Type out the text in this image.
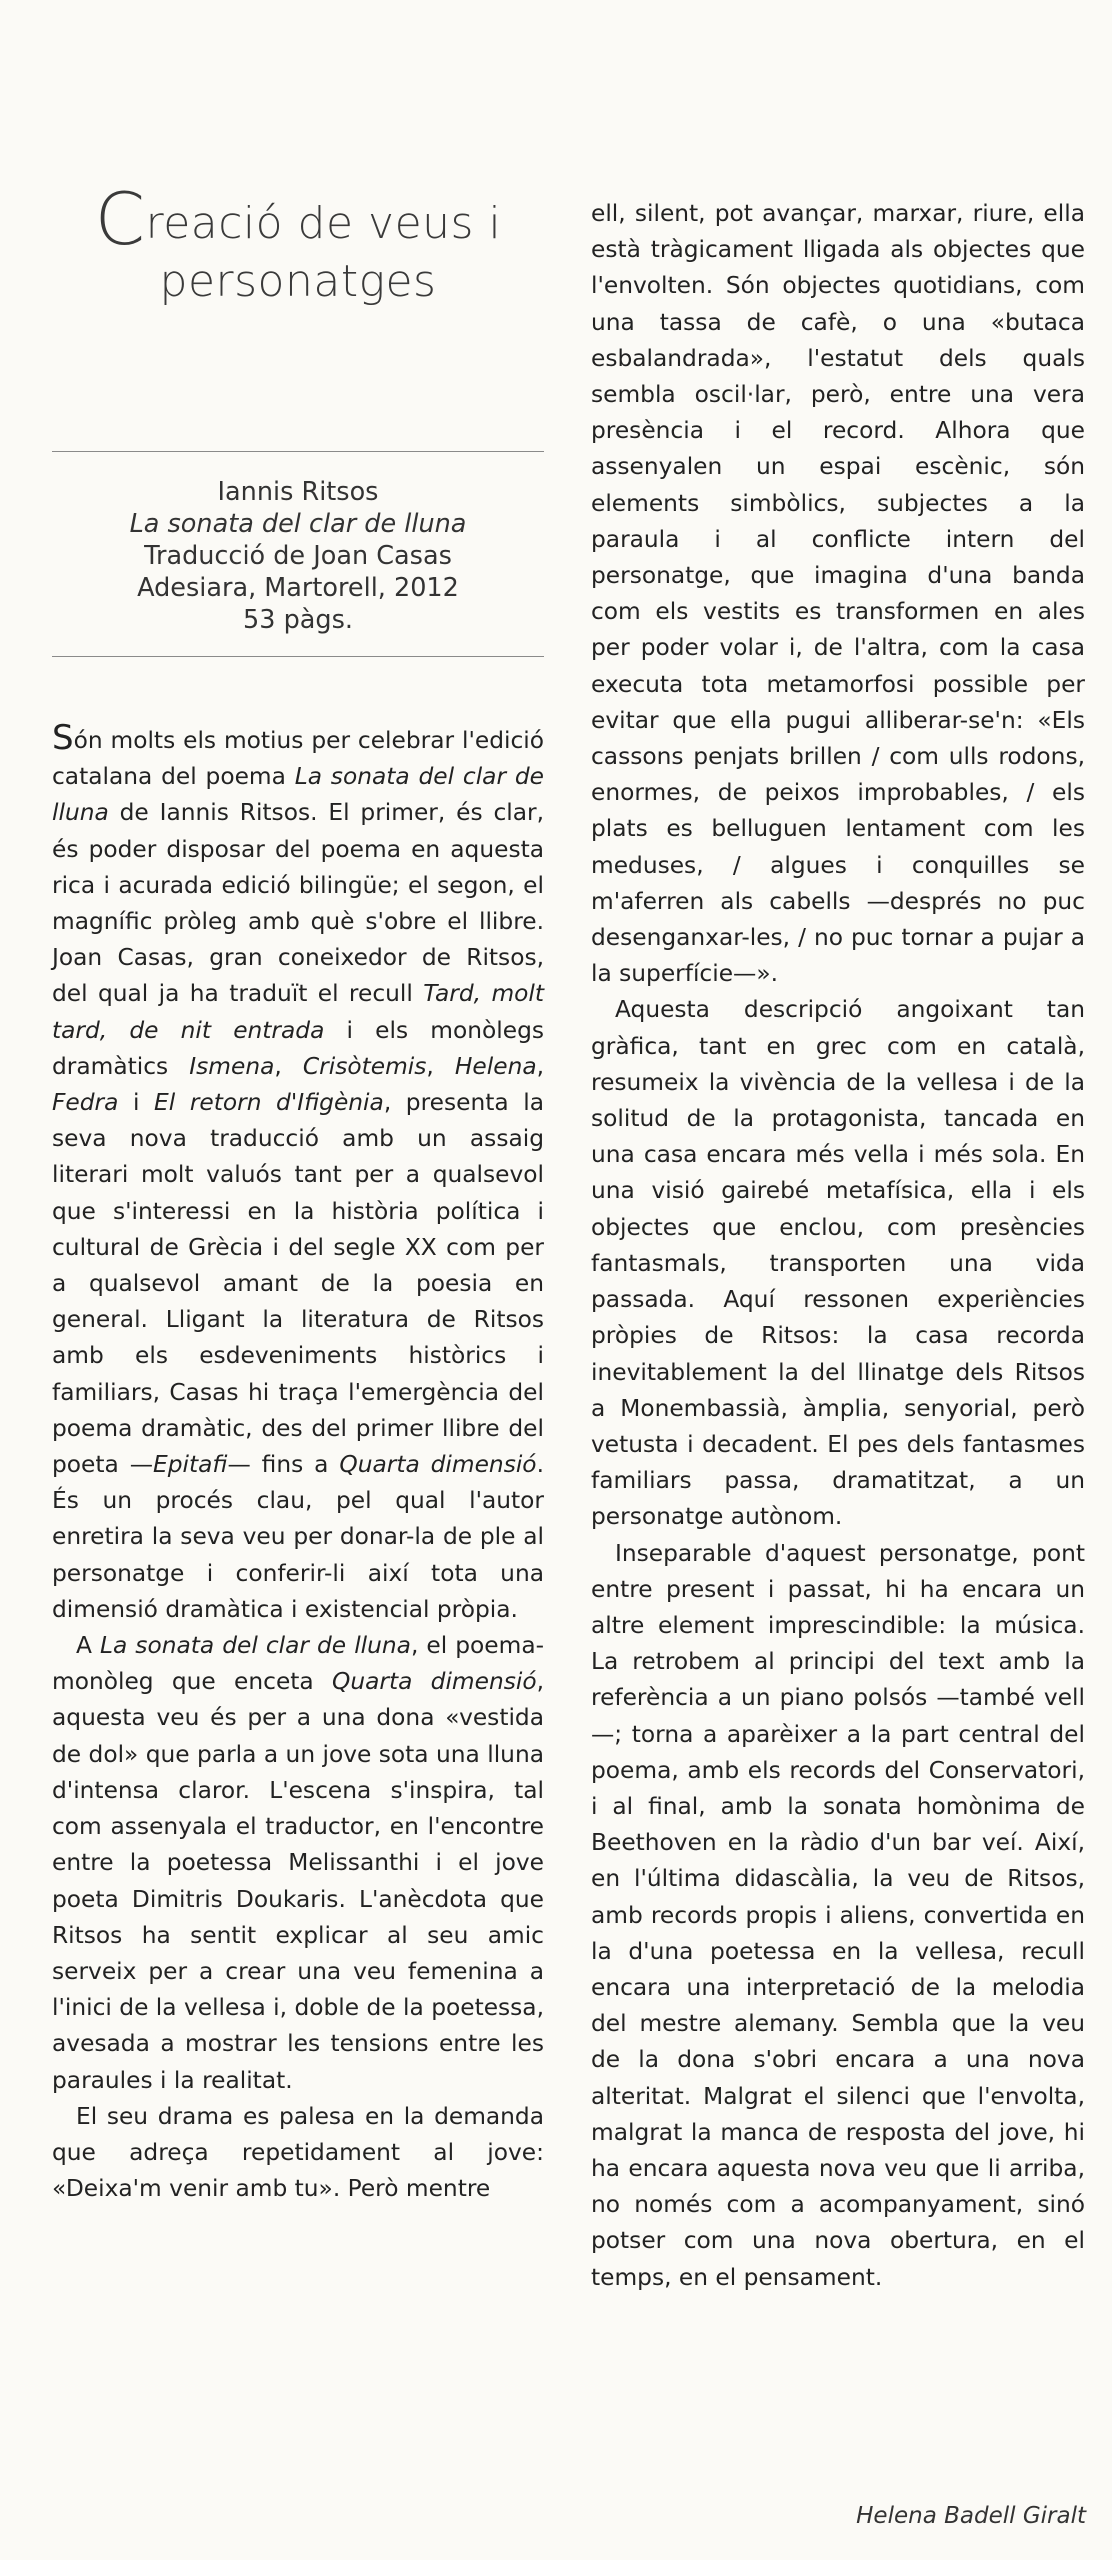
Creació de veus i
personatges
Iannis Ritsos
La sonata del clar de lluna
Traducció de Joan Casas
Adesiara, Martorell, 2012
53 pàgs.

Són molts els motius per celebrar l'edició catalana del poema La sonata del clar de lluna de Iannis Ritsos. El primer, és clar, és poder disposar del poema en aquesta rica i acurada edició bilingüe; el segon, el magnífic pròleg amb què s'obre el llibre. Joan Casas, gran coneixedor de Ritsos, del qual ja ha traduït el recull Tard, molt tard, de nit entrada i els monòlegs dramàtics Ismena, Crisòtemis, Helena, Fedra i El retorn d'Ifigènia, presenta la seva nova traducció amb un assaig literari molt valuós tant per a qualsevol que s'interessi en la història política i cultural de Grècia i del segle XX com per a qualsevol amant de la poesia en general. Lligant la literatura de Ritsos amb els esdeveniments històrics i familiars, Casas hi traça l'emergència del poema dramàtic, des del primer llibre del poeta —Epitafi— fins a Quarta dimensió. És un procés clau, pel qual l'autor enretira la seva veu per donar-la de ple al personatge i conferir-li així tota una dimensió dramàtica i existencial pròpia.

A La sonata del clar de lluna, el poema-monòleg que enceta Quarta dimensió, aquesta veu és per a una dona «vestida de dol» que parla a un jove sota una lluna d'intensa claror. L'escena s'inspira, tal com assenyala el traductor, en l'encontre entre la poetessa Melissanthi i el jove poeta Dimitris Doukaris. L'anècdota que Ritsos ha sentit explicar al seu amic serveix per a crear una veu femenina a l'inici de la vellesa i, doble de la poetessa, avesada a mostrar les tensions entre les paraules i la realitat.

El seu drama es palesa en la demanda que adreça repetidament al jove: «Deixa'm venir amb tu». Però mentre

ell, silent, pot avançar, marxar, riure, ella està tràgicament lligada als objectes que l'envolten. Són objectes quotidians, com una tassa de cafè, o una «butaca esbalandrada», l'estatut dels quals sembla oscil·lar, però, entre una vera presència i el record. Alhora que assenyalen un espai escènic, són elements simbòlics, subjectes a la paraula i al conflicte intern del personatge, que imagina d'una banda com els vestits es transformen en ales per poder volar i, de l'altra, com la casa executa tota metamorfosi possible per evitar que ella pugui alliberar-se'n: «Els cassons penjats brillen / com ulls rodons, enormes, de peixos improbables, / els plats es belluguen lentament com les meduses, / algues i conquilles se m'aferren als cabells —després no puc desenganxar-les, / no puc tornar a pujar a la superfície—».

Aquesta descripció angoixant tan gràfica, tant en grec com en català, resumeix la vivència de la vellesa i de la solitud de la protagonista, tancada en una casa encara més vella i més sola. En una visió gairebé metafísica, ella i els objectes que enclou, com presències fantasmals, transporten una vida passada. Aquí ressonen experiències pròpies de Ritsos: la casa recorda inevitablement la del llinatge dels Ritsos a Monembassià, àmplia, senyorial, però vetusta i decadent. El pes dels fantasmes familiars passa, dramatitzat, a un personatge autònom.

Inseparable d'aquest personatge, pont entre present i passat, hi ha encara un altre element imprescindible: la música. La retrobem al principi del text amb la referència a un piano polsós —també vell—; torna a aparèixer a la part central del poema, amb els records del Conservatori, i al final, amb la sonata homònima de Beethoven en la ràdio d'un bar veí. Així, en l'última didascàlia, la veu de Ritsos, amb records propis i aliens, convertida en la d'una poetessa en la vellesa, recull encara una interpretació de la melodia del mestre alemany. Sembla que la veu de la dona s'obri encara a una nova alteritat. Malgrat el silenci que l'envolta, malgrat la manca de resposta del jove, hi ha encara aquesta nova veu que li arriba, no només com a acompanyament, sinó potser com una nova obertura, en el temps, en el pensament.

Helena Badell Giralt
